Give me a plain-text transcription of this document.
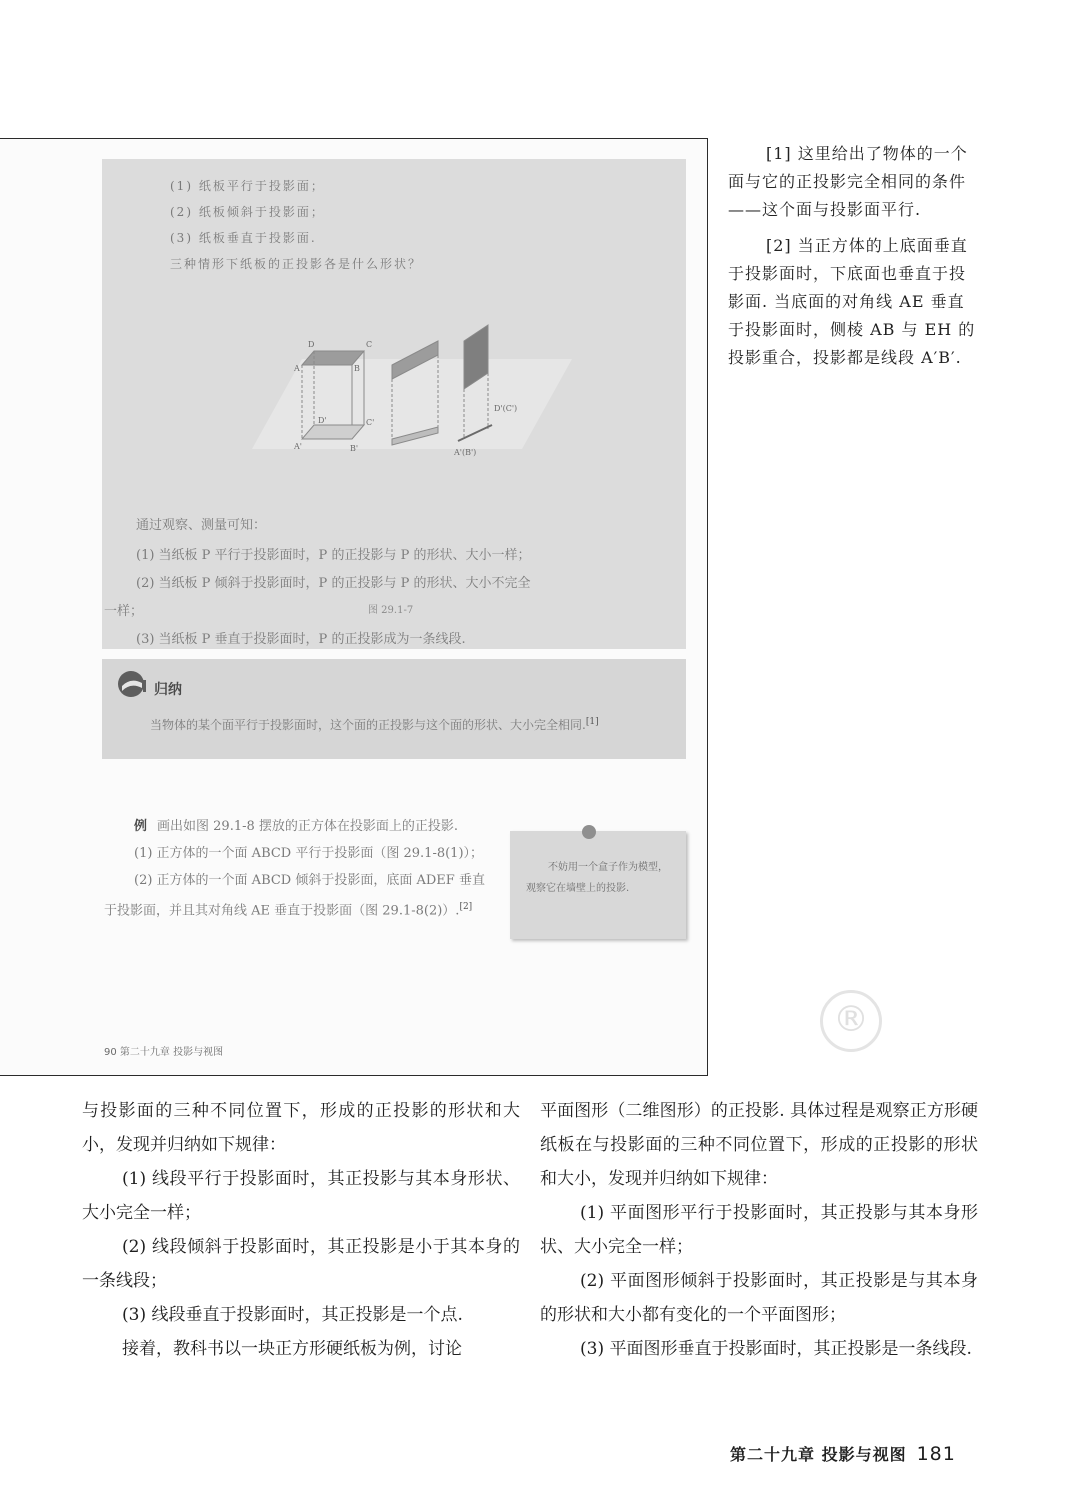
(1) 纸板平行于投影面；
(2) 纸板倾斜于投影面；
(3) 纸板垂直于投影面.
三种情形下纸板的正投影各是什么形状？
D	C
A	B
D'	C'
A'	B'
D'(C')
A'(B')
图 29.1-7
通过观察、测量可知：
(1) 当纸板 P 平行于投影面时，P 的正投影与 P 的形状、大小一样；
(2) 当纸板 P 倾斜于投影面时，P 的正投影与 P 的形状、大小不完全
一样；
(3) 当纸板 P 垂直于投影面时，P 的正投影成为一条线段.
归纳
当物体的某个面平行于投影面时，这个面的正投影与这个面的形状、大小完全相同.[1]

例 画出如图 29.1-8 摆放的正方体在投影面上的正投影.

(1) 正方体的一个面 ABCD 平行于投影面（图 29.1-8(1)）；

(2) 正方体的一个面 ABCD 倾斜于投影面，底面 ADEF 垂直于投影面，并且其对角线 AE 垂直于投影面（图 29.1-8(2)）.[2]

不妨用一个盒子作为模型，观察它在墙壁上的投影.
90 第二十九章 投影与视图

[1] 这里给出了物体的一个面与它的正投影完全相同的条件——这个面与投影面平行.

[2] 当正方体的上底面垂直于投影面时，下底面也垂直于投影面. 当底面的对角线 AE 垂直于投影面时，侧棱 AB 与 EH 的投影重合，投影都是线段 A′B′.

®

与投影面的三种不同位置下，形成的正投影的形状和大小，发现并归纳如下规律：

(1) 线段平行于投影面时，其正投影与其本身形状、大小完全一样；

(2) 线段倾斜于投影面时，其正投影是小于其本身的一条线段；

(3) 线段垂直于投影面时，其正投影是一个点.

接着，教科书以一块正方形硬纸板为例，讨论

平面图形（二维图形）的正投影. 具体过程是观察正方形硬纸板在与投影面的三种不同位置下，形成的正投影的形状和大小，发现并归纳如下规律：

(1) 平面图形平行于投影面时，其正投影与其本身形状、大小完全一样；

(2) 平面图形倾斜于投影面时，其正投影是与其本身的形状和大小都有变化的一个平面图形；

(3) 平面图形垂直于投影面时，其正投影是一条线段.

第二十九章 投影与视图 181
